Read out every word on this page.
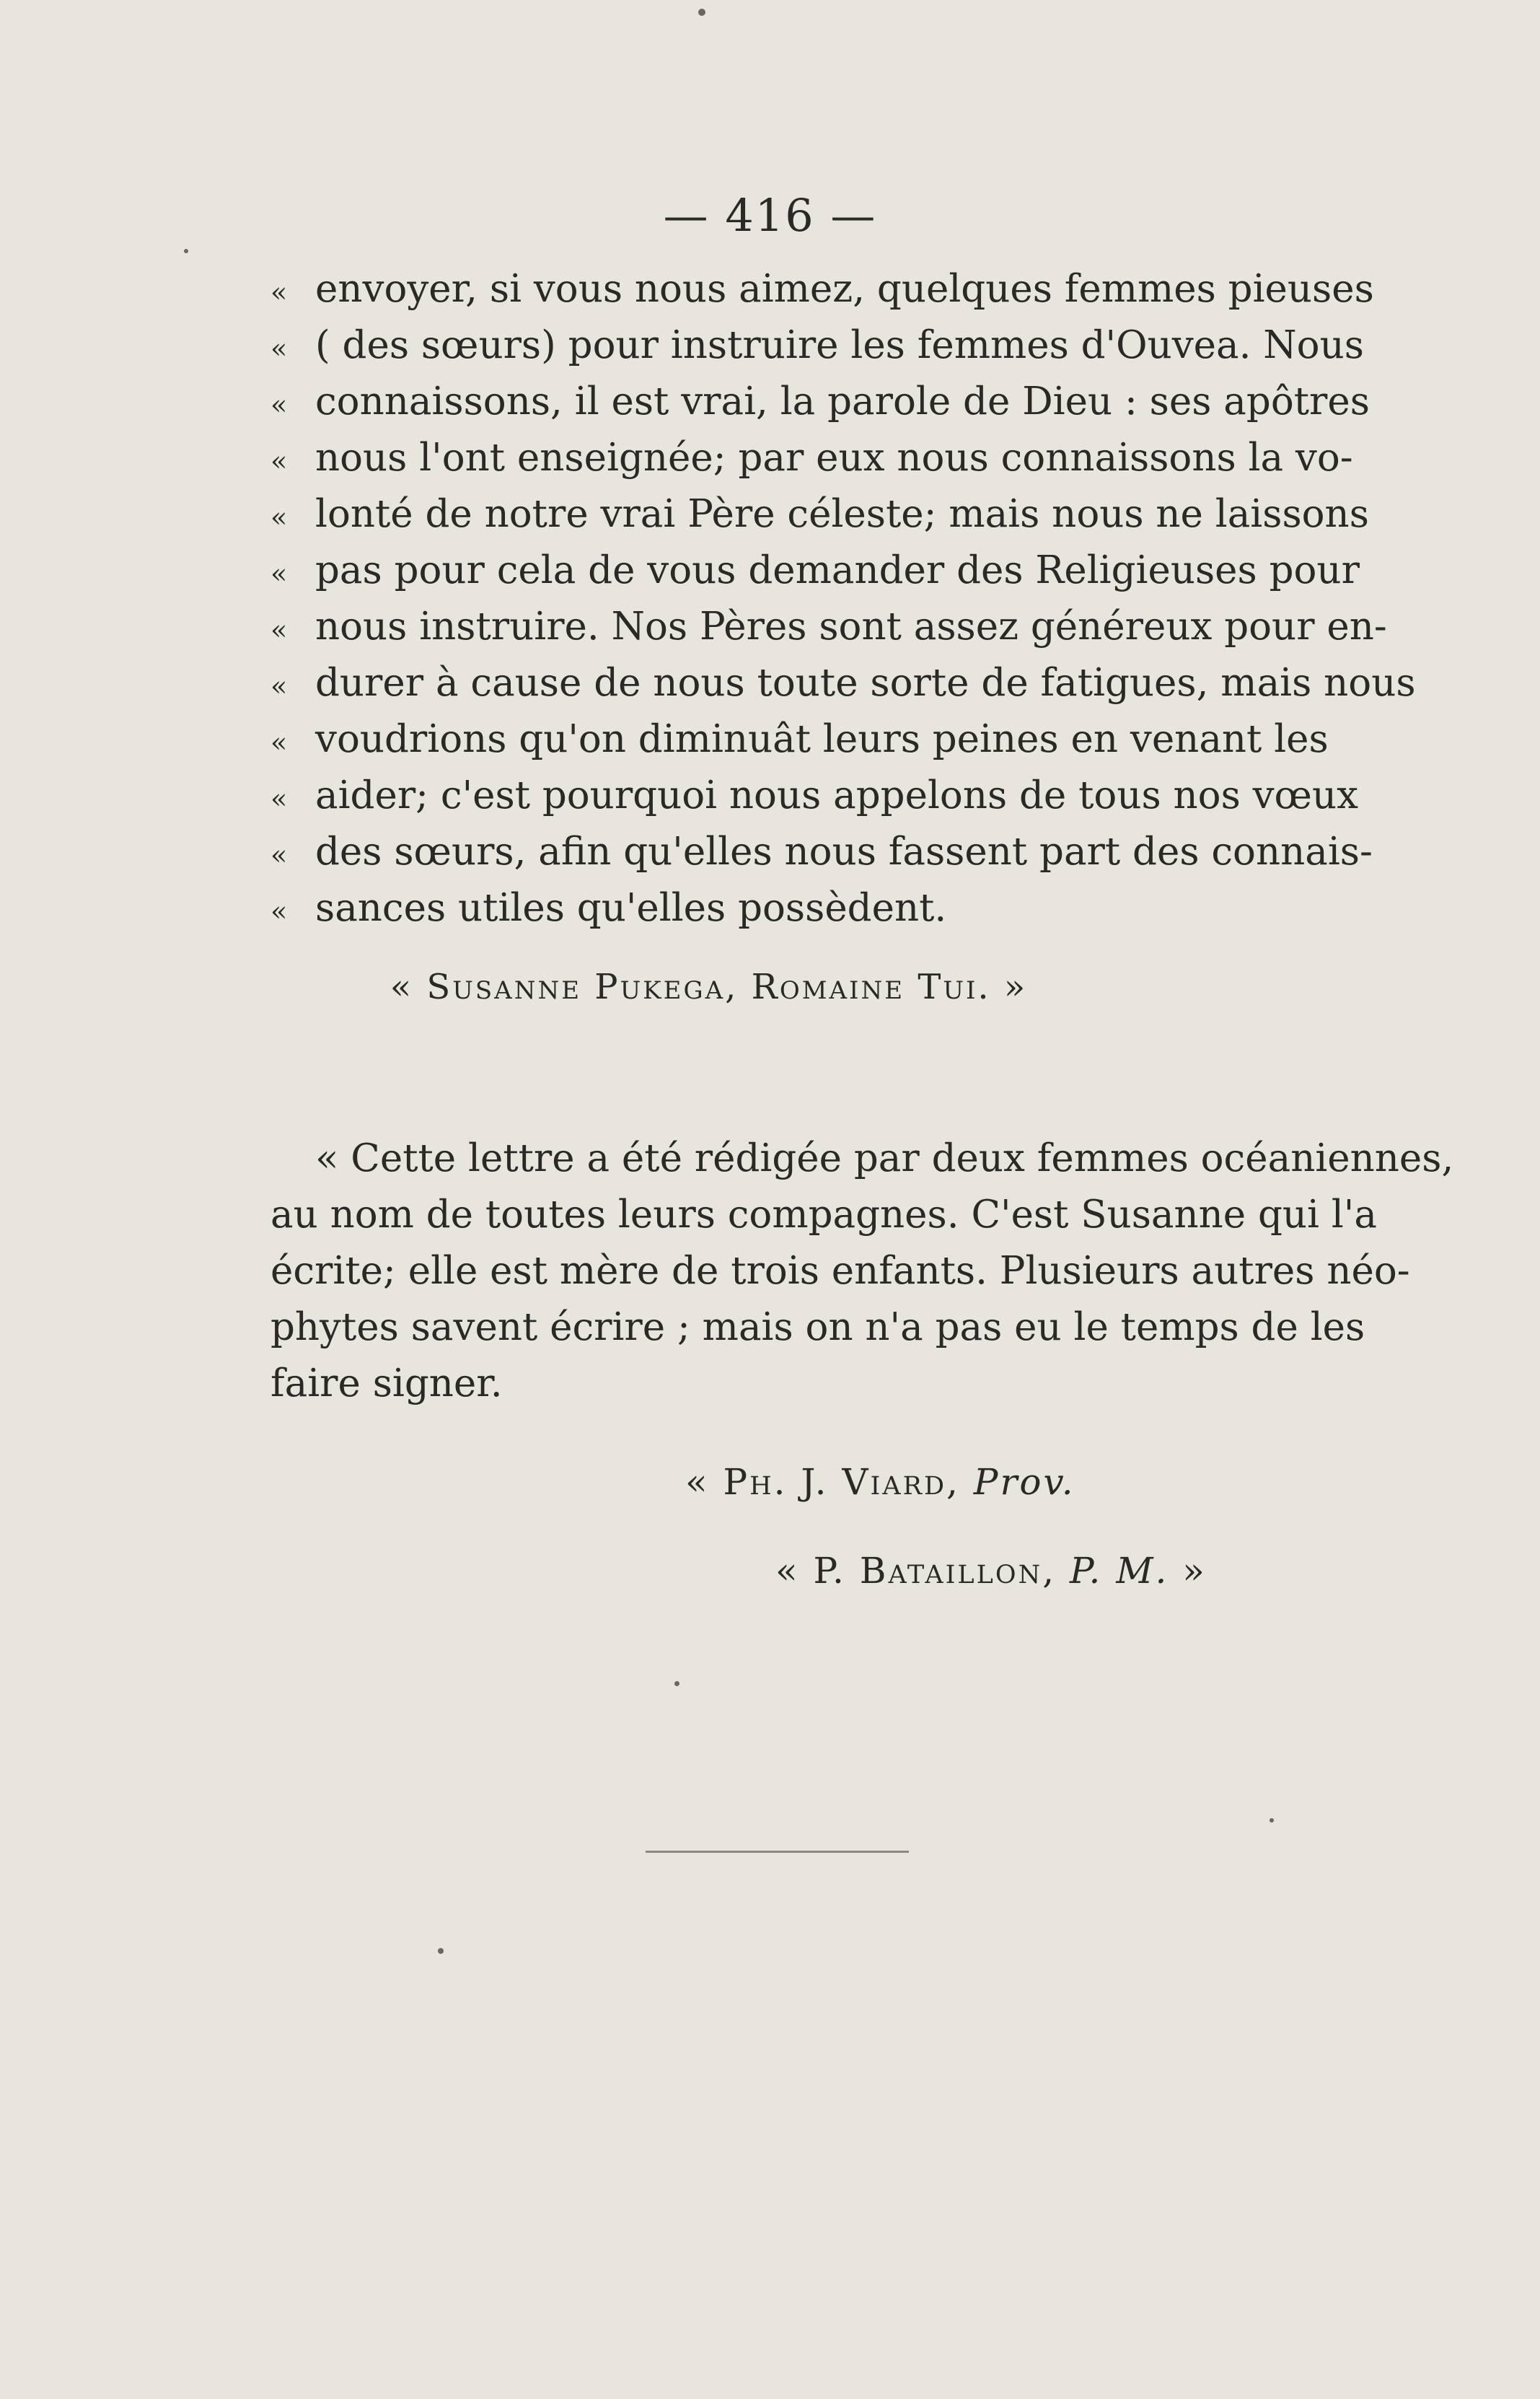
— 416 —
« envoyer, si vous nous aimez, quelques femmes pieuses
« ( des sœurs) pour instruire les femmes d'Ouvea. Nous
« connaissons, il est vrai, la parole de Dieu : ses apôtres
« nous l'ont enseignée; par eux nous connaissons la vo-
« lonté de notre vrai Père céleste; mais nous ne laissons
« pas pour cela de vous demander des Religieuses pour
« nous instruire. Nos Pères sont assez généreux pour en-
« durer à cause de nous toute sorte de fatigues, mais nous
« voudrions qu'on diminuât leurs peines en venant les
« aider; c'est pourquoi nous appelons de tous nos vœux
« des sœurs, afin qu'elles nous fassent part des connais-
« sances utiles qu'elles possèdent.
« Susanne Pukega, Romaine Tui. »
« Cette lettre a été rédigée par deux femmes océaniennes,
au nom de toutes leurs compagnes. C'est Susanne qui l'a
écrite; elle est mère de trois enfants. Plusieurs autres néo-
phytes savent écrire ; mais on n'a pas eu le temps de les
faire signer.
« Ph. J. Viard, Prov.
« P. Bataillon, P. M. »
